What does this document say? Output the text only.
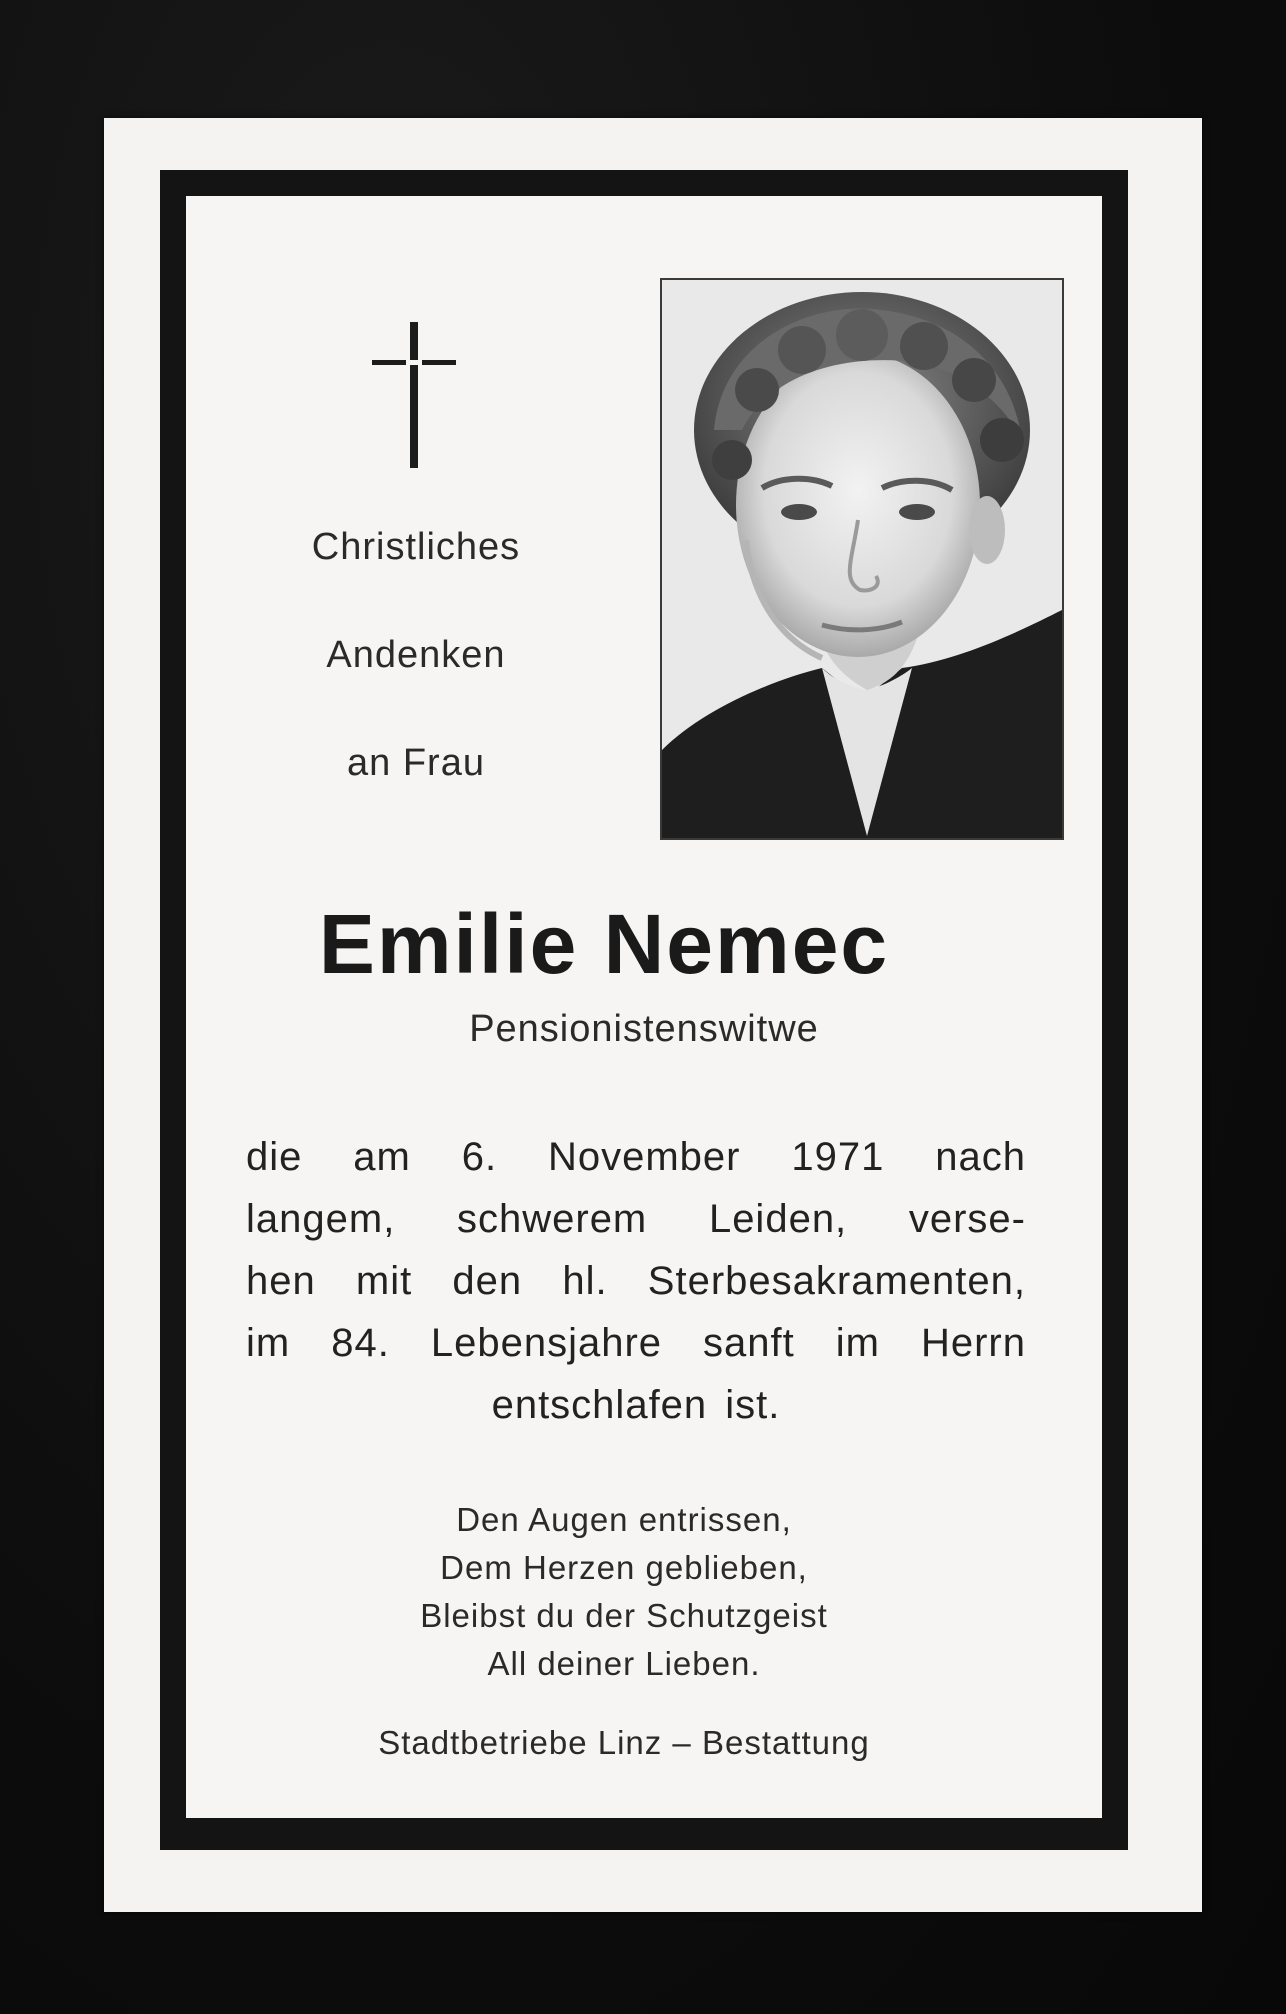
Christliches
Andenken
an Frau
Emilie Nemec
Pensionistenswitwe
die am 6. November 1971 nach
langem, schwerem Leiden, verse-
hen mit den hl. Sterbesakramenten,
im 84. Lebensjahre sanft im Herrn
entschlafen ist.
Den Augen entrissen,
Dem Herzen geblieben,
Bleibst du der Schutzgeist
All deiner Lieben.
Stadtbetriebe Linz – Bestattung
